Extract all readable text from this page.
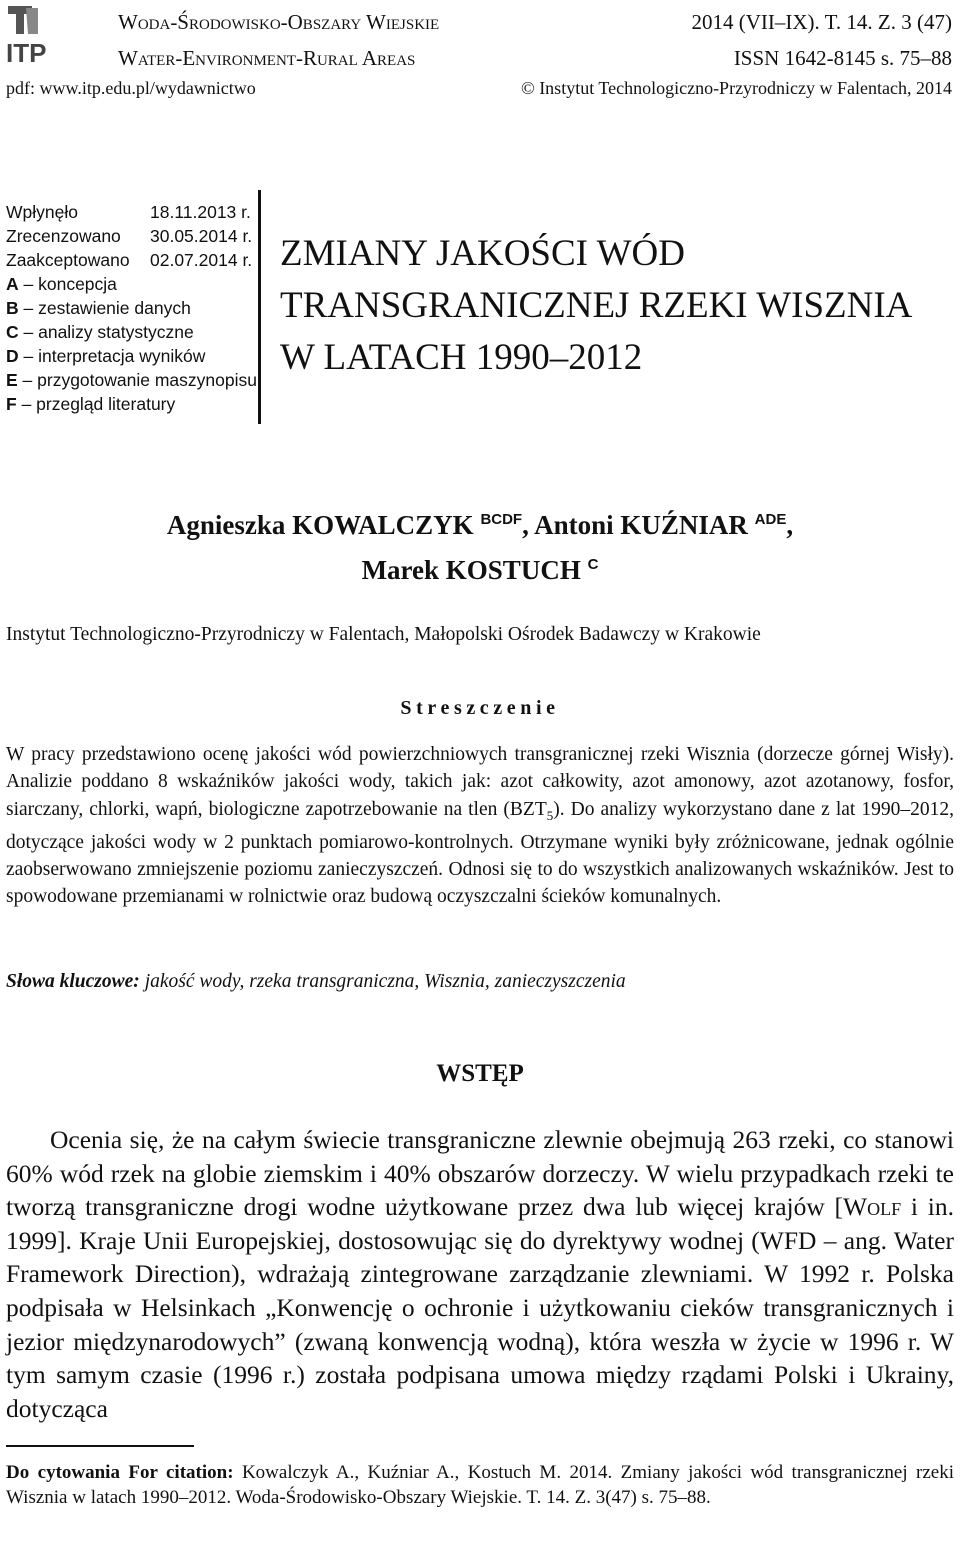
ITP
Woda-Środowisko-Obszary Wiejskie
Water-Environment-Rural Areas
2014 (VII–IX). T. 14. Z. 3 (47)
ISSN 1642-8145 s. 75–88
pdf: www.itp.edu.pl/wydawnictwo	© Instytut Technologiczno-Przyrodniczy w Falentach, 2014
Wpłynęło	18.11.2013 r.
Zrecenzowano	30.05.2014 r.
Zaakceptowano	02.07.2014 r.
A – koncepcja
B – zestawienie danych
C – analizy statystyczne
D – interpretacja wyników
E – przygotowanie maszynopisu
F – przegląd literatury
ZMIANY JAKOŚCI WÓD
TRANSGRANICZNEJ RZEKI WISZNIA
W LATACH 1990–2012
Agnieszka KOWALCZYK $^{BCDF}$, Antoni KUŹNIAR $^{ADE}$,
Marek KOSTUCH $^C$
Instytut Technologiczno-Przyrodniczy w Falentach, Małopolski Ośrodek Badawczy w Krakowie
Streszczenie
W pracy przedstawiono ocenę jakości wód powierzchniowych transgranicznej rzeki Wisznia (dorzecze górnej Wisły). Analizie poddano 8 wskaźników jakości wody, takich jak: azot całkowity, azot amonowy, azot azotanowy, fosfor, siarczany, chlorki, wapń, biologiczne zapotrzebowanie na tlen $(BZT_5)$. Do analizy wykorzystano dane z lat 1990–2012, dotyczące jakości wody w 2 punktach pomiarowo-kontrolnych. Otrzymane wyniki były zróżnicowane, jednak ogólnie zaobserwowano zmniejszenie poziomu zanieczyszczeń. Odnosi się to do wszystkich analizowanych wskaźników. Jest to spowodowane przemianami w rolnictwie oraz budową oczyszczalni ścieków komunalnych.
Słowa kluczowe: jakość wody, rzeka transgraniczna, Wisznia, zanieczyszczenia
WSTĘP
Ocenia się, że na całym świecie transgraniczne zlewnie obejmują 263 rzeki, co stanowi 60% wód rzek na globie ziemskim i 40% obszarów dorzeczy. W wielu przypadkach rzeki te tworzą transgraniczne drogi wodne użytkowane przez dwa lub więcej krajów [Wolf i in. 1999]. Kraje Unii Europejskiej, dostosowując się do dyrektywy wodnej (WFD – ang. Water Framework Direction), wdrażają zintegrowane zarządzanie zlewniami. W 1992 r. Polska podpisała w Helsinkach „Konwencję o ochronie i użytkowaniu cieków transgranicznych i jezior międzynarodowych” (zwaną konwencją wodną), która weszła w życie w 1996 r. W tym samym czasie (1996 r.) została podpisana umowa między rządami Polski i Ukrainy, dotycząca
Do cytowania For citation: Kowalczyk A., Kuźniar A., Kostuch M. 2014. Zmiany jakości wód transgranicznej rzeki Wisznia w latach 1990–2012. Woda-Środowisko-Obszary Wiejskie. T. 14. Z. 3(47) s. 75–88.
